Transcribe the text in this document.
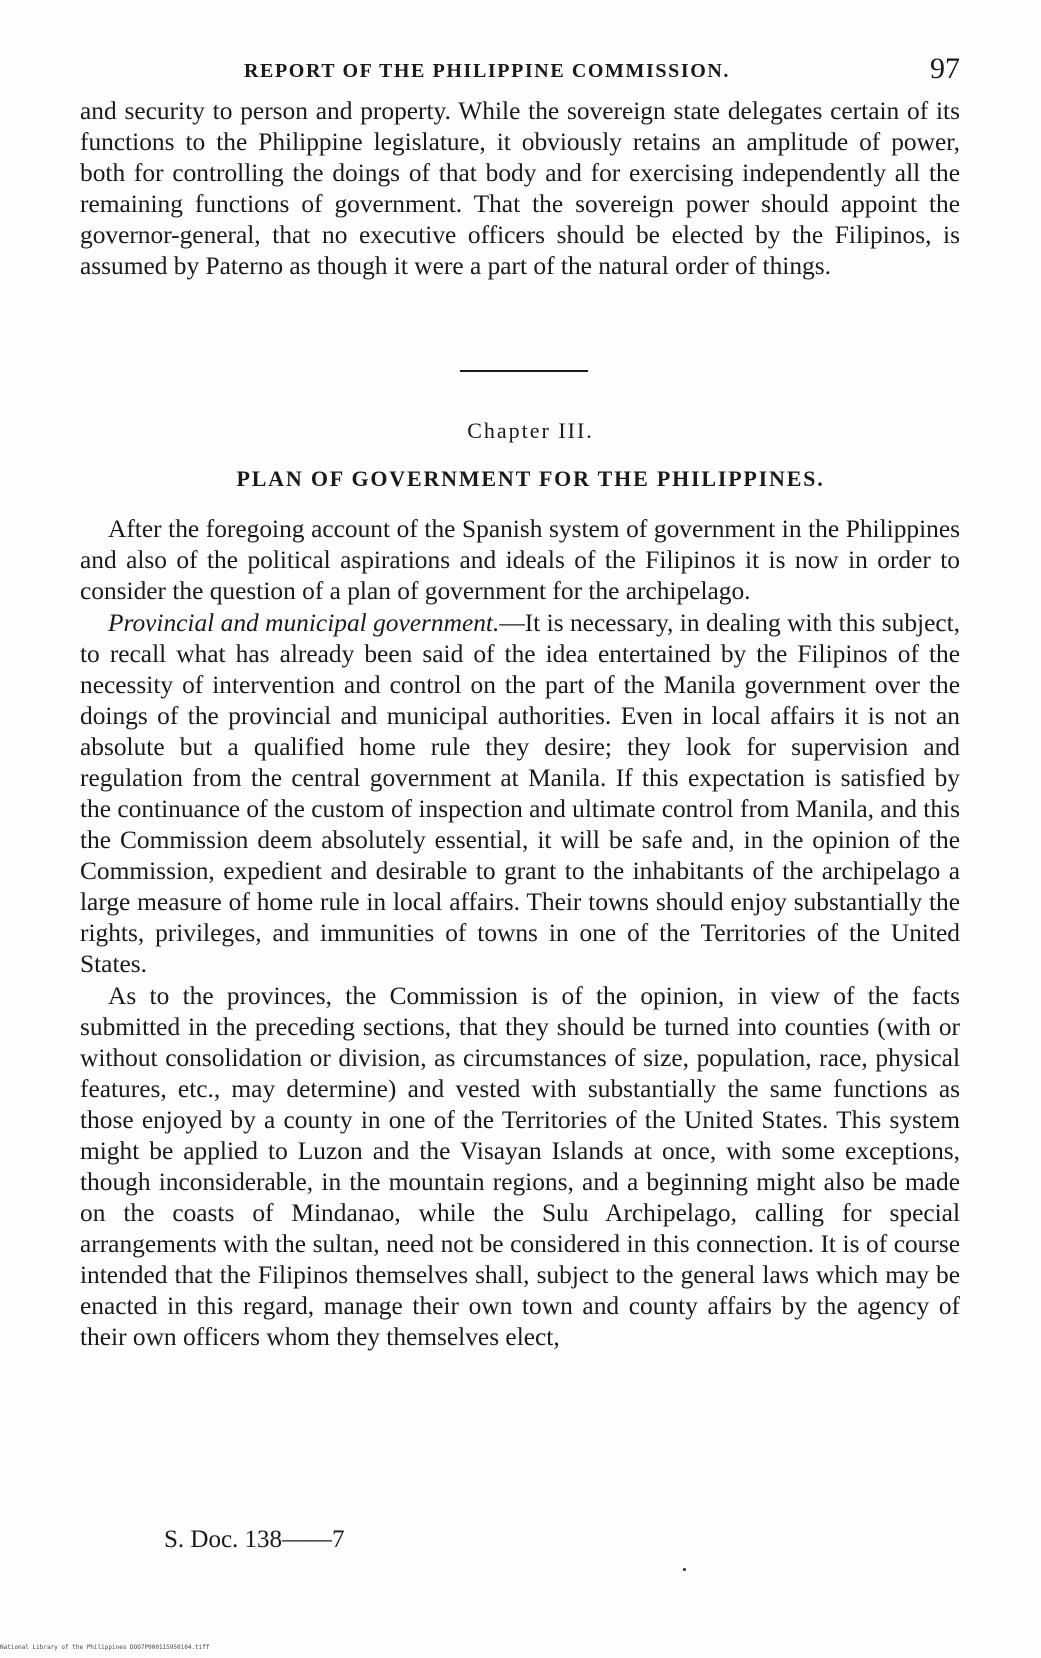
REPORT OF THE PHILIPPINE COMMISSION.	97
and security to person and property. While the sovereign state delegates certain of its functions to the Philippine legislature, it obviously retains an amplitude of power, both for controlling the doings of that body and for exercising independently all the remaining functions of government. That the sovereign power should appoint the governor-general, that no executive officers should be elected by the Filipinos, is assumed by Paterno as though it were a part of the natural order of things.
Chapter III.
PLAN OF GOVERNMENT FOR THE PHILIPPINES.

After the foregoing account of the Spanish system of government in the Philippines and also of the political aspirations and ideals of the Filipinos it is now in order to consider the question of a plan of government for the archipelago.

Provincial and municipal government.—It is necessary, in dealing with this subject, to recall what has already been said of the idea entertained by the Filipinos of the necessity of intervention and control on the part of the Manila government over the doings of the provincial and municipal authorities. Even in local affairs it is not an absolute but a qualified home rule they desire; they look for supervision and regulation from the central government at Manila. If this expectation is satisfied by the continuance of the custom of inspection and ultimate control from Manila, and this the Commission deem absolutely essential, it will be safe and, in the opinion of the Commission, expedient and desirable to grant to the inhabitants of the archipelago a large measure of home rule in local affairs. Their towns should enjoy substantially the rights, privileges, and immunities of towns in one of the Territories of the United States.

As to the provinces, the Commission is of the opinion, in view of the facts submitted in the preceding sections, that they should be turned into counties (with or without consolidation or division, as circumstances of size, population, race, physical features, etc., may determine) and vested with substantially the same functions as those enjoyed by a county in one of the Territories of the United States. This system might be applied to Luzon and the Visayan Islands at once, with some exceptions, though inconsiderable, in the mountain regions, and a beginning might also be made on the coasts of Mindanao, while the Sulu Archipelago, calling for special arrangements with the sultan, need not be considered in this connection. It is of course intended that the Filipinos themselves shall, subject to the general laws which may be enacted in this regard, manage their own town and county affairs by the agency of their own officers whom they themselves elect,

S. Doc. 138——7
National Library of the Philippines DOO7P000115950104.tiff
